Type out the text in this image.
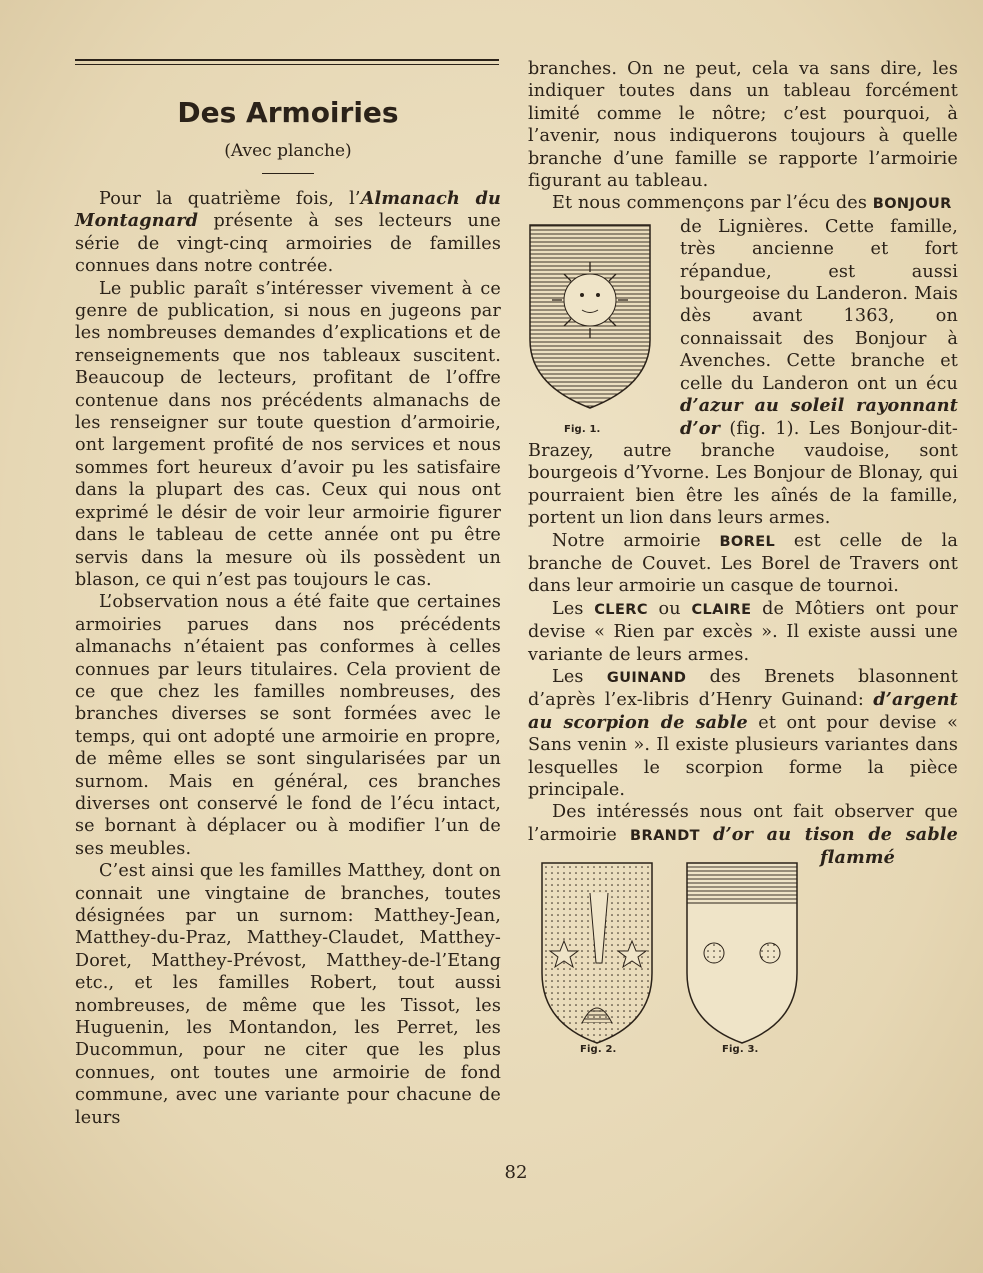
Des Armoiries
(Avec planche)

Pour la quatrième fois, l’Almanach du Montagnard présente à ses lecteurs une série de vingt-cinq armoiries de familles connues dans notre contrée.

Le public paraît s’intéresser vivement à ce genre de publication, si nous en jugeons par les nombreuses demandes d’explications et de renseignements que nos tableaux suscitent. Beaucoup de lecteurs, profitant de l’offre contenue dans nos précédents almanachs de les renseigner sur toute question d’armoirie, ont largement profité de nos services et nous sommes fort heureux d’avoir pu les satisfaire dans la plupart des cas. Ceux qui nous ont exprimé le désir de voir leur armoirie figurer dans le tableau de cette année ont pu être servis dans la mesure où ils possèdent un blason, ce qui n’est pas toujours le cas.

L’observation nous a été faite que certaines armoiries parues dans nos précédents almanachs n’étaient pas conformes à celles connues par leurs titulaires. Cela provient de ce que chez les familles nombreuses, des branches diverses se sont formées avec le temps, qui ont adopté une armoirie en propre, de même elles se sont singularisées par un surnom. Mais en général, ces branches diverses ont conservé le fond de l’écu intact, se bornant à déplacer ou à modifier l’un de ses meubles.

C’est ainsi que les familles Matthey, dont on connait une vingtaine de branches, toutes désignées par un surnom: Matthey-Jean, Matthey-du-Praz, Matthey-Claudet, Matthey-Doret, Matthey-Prévost, Matthey-de-l’Etang etc., et les familles Robert, tout aussi nombreuses, de même que les Tissot, les Huguenin, les Montandon, les Perret, les Ducommun, pour ne citer que les plus connues, ont toutes une armoirie de fond commune, avec une variante pour chacune de leurs

branches. On ne peut, cela va sans dire, les indiquer toutes dans un tableau forcément limité comme le nôtre; c’est pourquoi, à l’avenir, nous indiquerons toujours à quelle branche d’une famille se rapporte l’armoirie figurant au tableau.

Et nous commençons par l’écu des BONJOUR

Fig. 1.
de Lignières. Cette famille, très ancienne et fort répandue, est aussi bourgeoise du Landeron. Mais dès avant 1363, on connaissait des Bonjour à Avenches. Cette branche et celle du Landeron ont un écu d’azur au soleil rayonnant d’or (fig. 1). Les Bonjour-dit-Brazey, autre branche vaudoise, sont bourgeois d’Yvorne. Les Bonjour de Blonay, qui pourraient bien être les aînés de la famille, portent un lion dans leurs armes.

Notre armoirie BOREL est celle de la branche de Couvet. Les Borel de Travers ont dans leur armoirie un casque de tournoi.

Les CLERC ou CLAIRE de Môtiers ont pour devise « Rien par excès ». Il existe aussi une variante de leurs armes.

Les GUINAND des Brenets blasonnent d’après l’ex-libris d’Henry Guinand: d’argent au scorpion de sable et ont pour devise « Sans venin ». Il existe plusieurs variantes dans lesquelles le scorpion forme la pièce principale.

Des intéressés nous ont fait observer que l’armoirie BRANDT
Fig. 2.	Fig. 3.
d’or au tison de sable flammé
82
